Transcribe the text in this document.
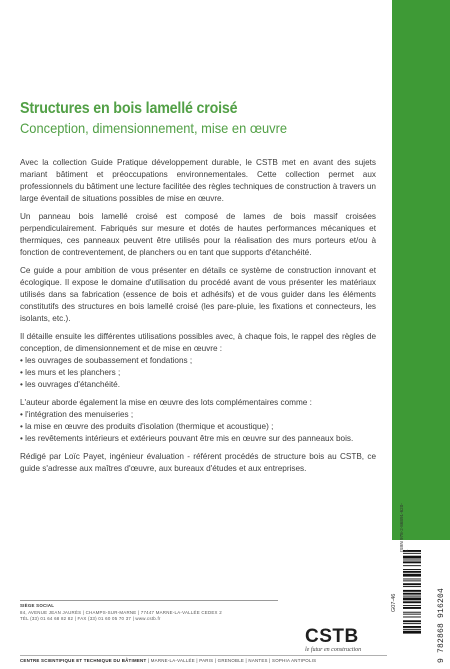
Structures en bois lamellé croisé
Conception, dimensionnement, mise en œuvre

Avec la collection Guide Pratique développement durable, le CSTB met en avant des sujets mariant bâtiment et préoccupations environnementales. Cette collection permet aux professionnels du bâtiment une lecture facilitée des règles techniques de construction à travers un large éventail de situations possibles de mise en œuvre.

Un panneau bois lamellé croisé est composé de lames de bois massif croisées perpendiculairement. Fabriqués sur mesure et dotés de hautes performances mécaniques et thermiques, ces panneaux peuvent être utilisés pour la réalisation des murs porteurs et/ou à fonction de contreventement, de planchers ou en tant que supports d'étanchéité.

Ce guide a pour ambition de vous présenter en détails ce système de construction innovant et écologique. Il expose le domaine d'utilisation du procédé avant de vous présenter les matériaux utilisés dans sa fabrication (essence de bois et adhésifs) et de vous guider dans les éléments constitutifs des structures en bois lamellé croisé (les pare-pluie, les fixations et connecteurs, les isolants, etc.).

Il détaille ensuite les différentes utilisations possibles avec, à chaque fois, le rappel des règles de conception, de dimensionnement et de mise en œuvre :

• les ouvrages de soubassement et fondations ;
• les murs et les planchers ;
• les ouvrages d'étanchéité.

L'auteur aborde également la mise en œuvre des lots complémentaires comme :

• l'intégration des menuiseries ;
• la mise en œuvre des produits d'isolation (thermique et acoustique) ;
• les revêtements intérieurs et extérieurs pouvant être mis en œuvre sur des panneaux bois.

Rédigé par Loïc Payet, ingénieur évaluation - référent procédés de structure bois au CSTB, ce guide s'adresse aux maîtres d'œuvre, aux bureaux d'études et aux entreprises.

SIÈGE SOCIAL
84, AVENUE JEAN JAURÈS | CHAMPS-SUR-MARNE | 77447 MARNE-LA-VALLÉE CEDEX 2
TÉL (33) 01 64 68 82 82 | FAX (33) 01 60 05 70 37 | www.cstb.fr
CSTB
le futur en construction
CENTRE SCIENTIFIQUE ET TECHNIQUE DU BÂTIMENT | MARNE-LA-VALLÉE | PARIS | GRENOBLE | NANTES | SOPHIA ANTIPOLIS
G07-46
ISBN 978-2-86891-620-4
9 782868 916204
